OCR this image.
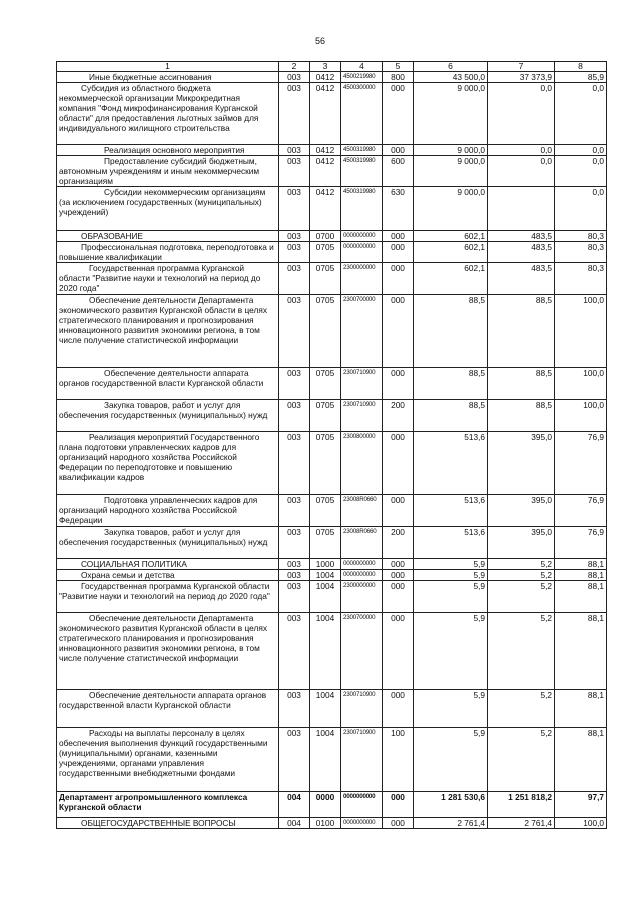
56
1	2	3	4	5	6	7	8
Иные бюджетные ассигнования	003	0412	4500219980	800	43 500,0	37 373,9	85,9
Субсидия из областного бюджета некоммерческой организации Микрокредитная компания "Фонд микрофинансирования Курганской области" для предоставления льготных займов для индивидуального жилищного строительства	003	0412	4500300000	000	9 000,0	0,0	0,0
Реализация основного мероприятия	003	0412	4500319980	000	9 000,0	0,0	0,0
Предоставление субсидий бюджетным, автономным учреждениям и иным некоммерческим организациям	003	0412	4500319980	600	9 000,0	0,0	0,0
Субсидии некоммерческим организациям (за исключением государственных (муниципальных) учреждений)	003	0412	4500319980	630	9 000,0		0,0
ОБРАЗОВАНИЕ	003	0700	0000000000	000	602,1	483,5	80,3
Профессиональная подготовка, переподготовка и повышение квалификации	003	0705	0000000000	000	602,1	483,5	80,3
Государственная программа Курганской области "Развитие науки и технологий на период до 2020 года"	003	0705	2300000000	000	602,1	483,5	80,3
Обеспечение деятельности Департамента экономического развития Курганской области в целях стратегического планирования и прогнозирования инновационного развития экономики региона, в том числе получение статистической информации	003	0705	2300700000	000	88,5	88,5	100,0
Обеспечение деятельности аппарата органов государственной власти Курганской области	003	0705	2300710900	000	88,5	88,5	100,0
Закупка товаров, работ и услуг для обеспечения государственных (муниципальных) нужд	003	0705	2300710900	200	88,5	88,5	100,0
Реализация мероприятий Государственного плана подготовки управленческих кадров для организаций народного хозяйства Российской Федерации по переподготовке и повышению квалификации кадров	003	0705	2300800000	000	513,6	395,0	76,9
Подготовка управленческих кадров для организаций народного хозяйства Российской Федерации	003	0705	23008R0660	000	513,6	395,0	76,9
Закупка товаров, работ и услуг для обеспечения государственных (муниципальных) нужд	003	0705	23008R0660	200	513,6	395,0	76,9
СОЦИАЛЬНАЯ ПОЛИТИКА	003	1000	0000000000	000	5,9	5,2	88,1
Охрана семьи и детства	003	1004	0000000000	000	5,9	5,2	88,1
Государственная программа Курганской области "Развитие науки и технологий на период до 2020 года"	003	1004	2300000000	000	5,9	5,2	88,1
Обеспечение деятельности Департамента экономического развития Курганской области в целях стратегического планирования и прогнозирования инновационного развития экономики региона, в том числе получение статистической информации	003	1004	2300700000	000	5,9	5,2	88,1
Обеспечение деятельности аппарата органов государственной власти Курганской области	003	1004	2300710900	000	5,9	5,2	88,1
Расходы на выплаты персоналу в целях обеспечения выполнения функций государственными (муниципальными) органами, казенными учреждениями, органами управления государственными внебюджетными фондами	003	1004	2300710900	100	5,9	5,2	88,1
Департамент агропромышленного комплекса Курганской области	004	0000	0000000000	000	1 281 530,6	1 251 818,2	97,7
ОБЩЕГОСУДАРСТВЕННЫЕ ВОПРОСЫ	004	0100	0000000000	000	2 761,4	2 761,4	100,0
